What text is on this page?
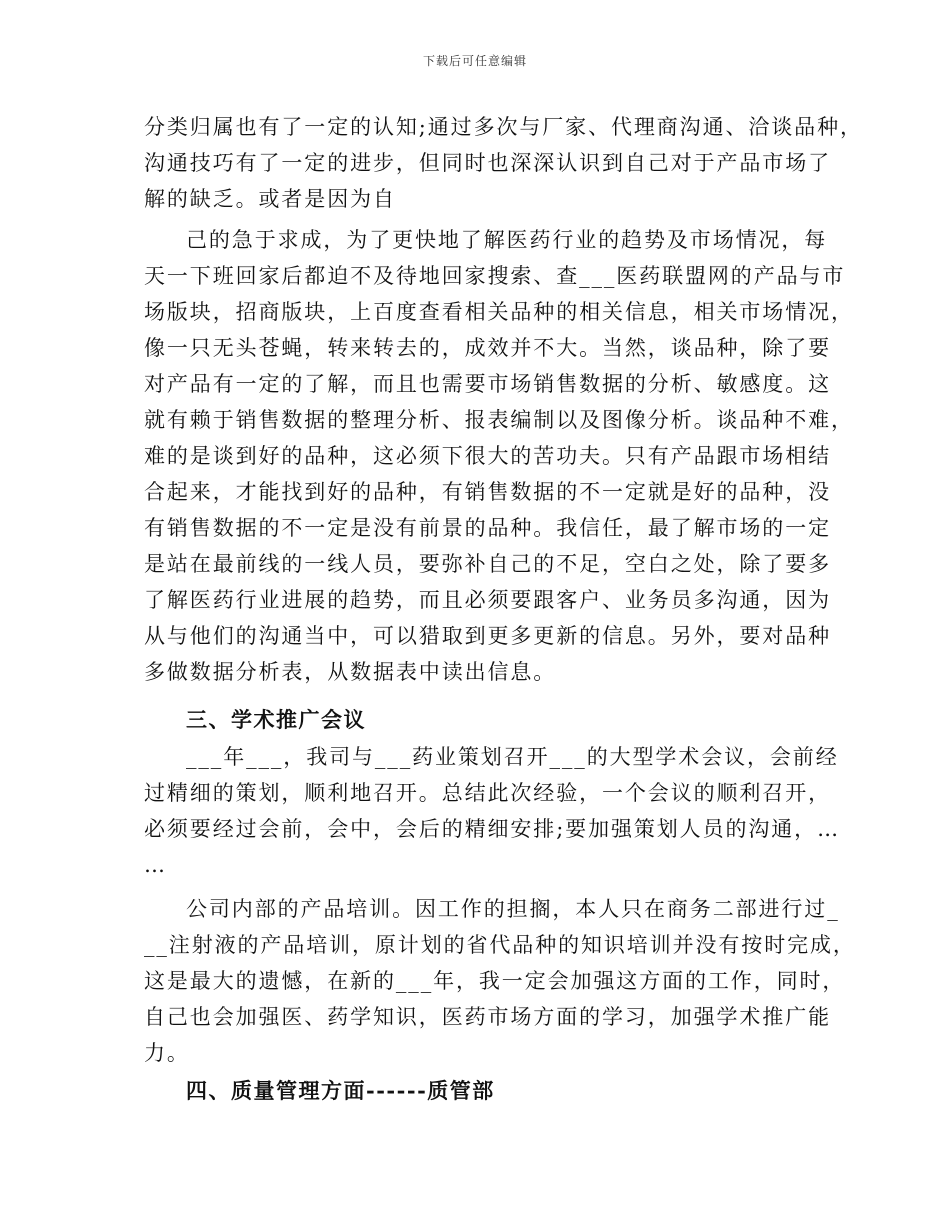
下载后可任意编辑
分类归属也有了一定的认知;通过多次与厂家、代理商沟通、洽谈品种，
沟通技巧有了一定的进步，但同时也深深认识到自己对于产品市场了
解的缺乏。或者是因为自
己的急于求成，为了更快地了解医药行业的趋势及市场情况，每
天一下班回家后都迫不及待地回家搜索、查___医药联盟网的产品与市
场版块，招商版块，上百度查看相关品种的相关信息，相关市场情况，
像一只无头苍蝇，转来转去的，成效并不大。当然，谈品种，除了要
对产品有一定的了解，而且也需要市场销售数据的分析、敏感度。这
就有赖于销售数据的整理分析、报表编制以及图像分析。谈品种不难，
难的是谈到好的品种，这必须下很大的苦功夫。只有产品跟市场相结
合起来，才能找到好的品种，有销售数据的不一定就是好的品种，没
有销售数据的不一定是没有前景的品种。我信任，最了解市场的一定
是站在最前线的一线人员，要弥补自己的不足，空白之处，除了要多
了解医药行业进展的趋势，而且必须要跟客户、业务员多沟通，因为
从与他们的沟通当中，可以猎取到更多更新的信息。另外，要对品种
多做数据分析表，从数据表中读出信息。
三、学术推广会议
___年___，我司与___药业策划召开___的大型学术会议，会前经
过精细的策划，顺利地召开。总结此次经验，一个会议的顺利召开，
必须要经过会前，会中，会后的精细安排;要加强策划人员的沟通，…
…
公司内部的产品培训。因工作的担搁，本人只在商务二部进行过_
__注射液的产品培训，原计划的省代品种的知识培训并没有按时完成，
这是最大的遗憾，在新的___年，我一定会加强这方面的工作，同时，
自己也会加强医、药学知识，医药市场方面的学习，加强学术推广能
力。
四、质量管理方面------质管部
